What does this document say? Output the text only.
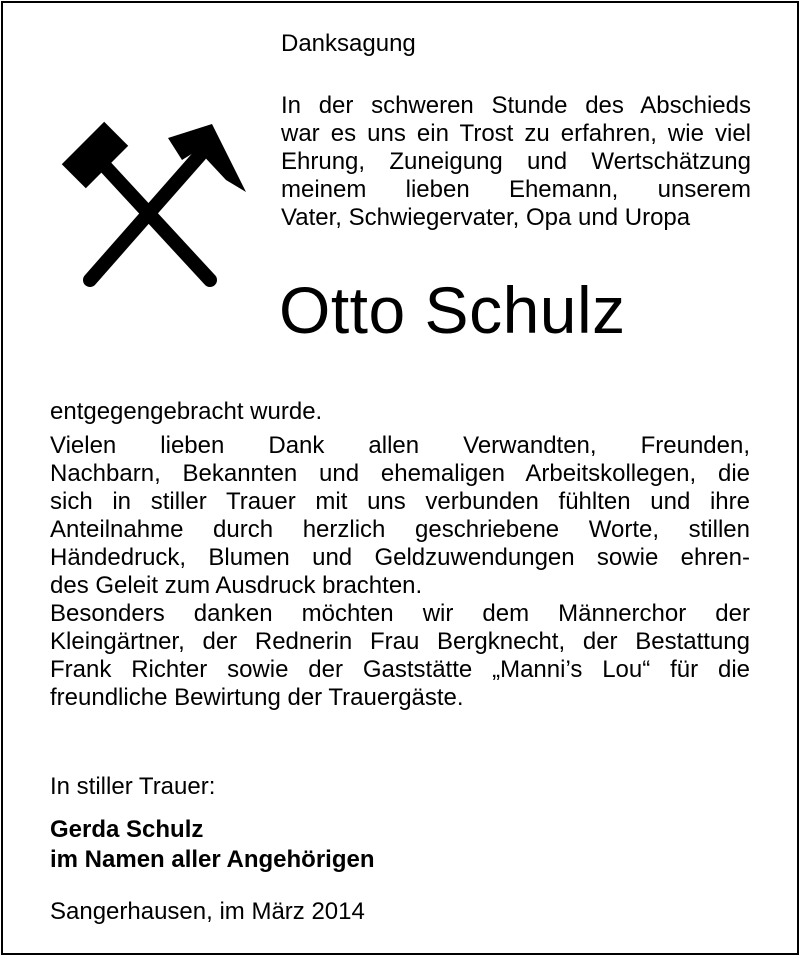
Danksagung
In der schweren Stunde des Abschieds
war es uns ein Trost zu erfahren, wie viel
Ehrung, Zuneigung und Wertschätzung
meinem lieben Ehemann, unserem
Vater, Schwiegervater, Opa und Uropa
Otto Schulz
entgegengebracht wurde.
Vielen lieben Dank allen Verwandten, Freunden,
Nachbarn, Bekannten und ehemaligen Arbeitskollegen, die
sich in stiller Trauer mit uns verbunden fühlten und ihre
Anteilnahme durch herzlich geschriebene Worte, stillen
Händedruck, Blumen und Geldzuwendungen sowie ehren-
des Geleit zum Ausdruck brachten.
Besonders danken möchten wir dem Männerchor der
Kleingärtner, der Rednerin Frau Bergknecht, der Bestattung
Frank Richter sowie der Gaststätte „Manni’s Lou“ für die
freundliche Bewirtung der Trauergäste.
In stiller Trauer:
Gerda Schulz
im Namen aller Angehörigen
Sangerhausen, im März 2014
